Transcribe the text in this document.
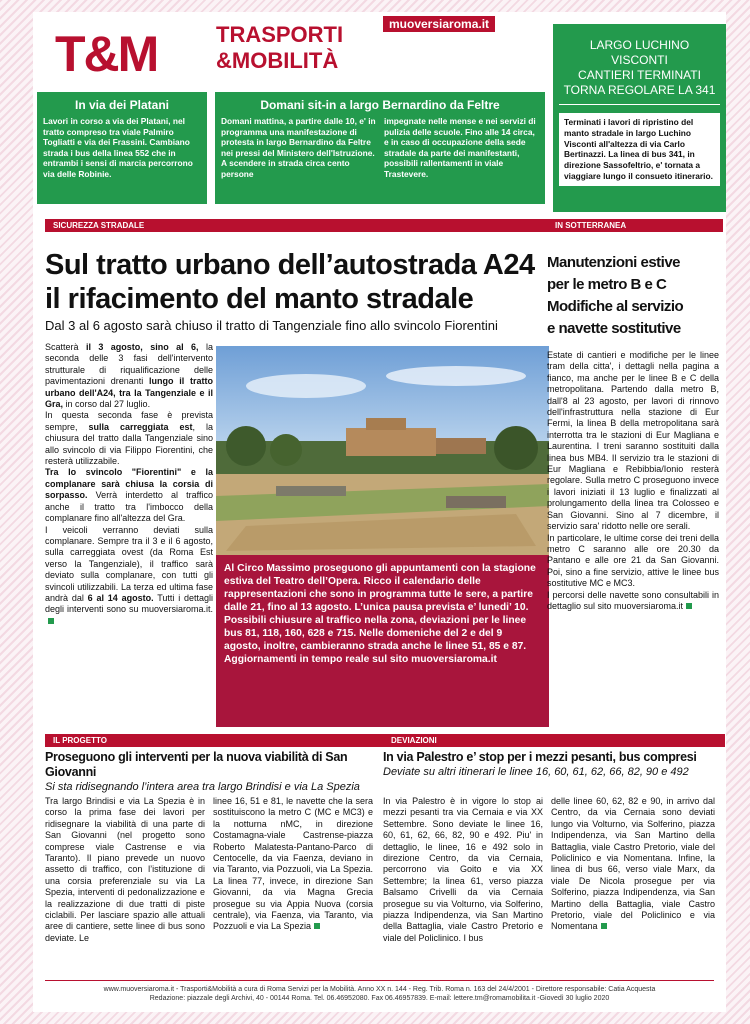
T&M	TRASPORTI
&MOBILITÀ
muoversiaroma.it
In via dei Platani

Lavori in corso a via dei Platani, nel tratto compreso tra viale Palmiro Togliatti e via dei Frassini. Cambiano strada i bus della linea 552 che in entrambi i sensi di marcia percorrono via delle Robinie.

Domani sit-in a largo Bernardino da Feltre

Domani mattina, a partire dalle 10, e' in programma una manifestazione di protesta in largo Bernardino da Feltre nei pressi del Ministero dell'Istruzione. A scendere in strada circa cento persone

impegnate nelle mense e nei servizi di pulizia delle scuole. Fino alle 14 circa, e in caso di occupazione della sede stradale da parte dei manifestanti, possibili rallentamenti in viale Trastevere.

LARGO LUCHINO VISCONTI
CANTIERI TERMINATI
TORNA REGOLARE LA 341

Terminati i lavori di ripristino del manto stradale in largo Luchino Visconti all'altezza di via Carlo Bertinazzi. La linea di bus 341, in direzione Sassofeltrio, e' tornata a viaggiare lungo il consueto itinerario.

SICUREZZA STRADALE	IN SOTTERRANEA
Sul tratto urbano dell’autostrada A24
il rifacimento del manto stradale
Dal 3 al 6 agosto sarà chiuso il tratto di Tangenziale fino allo svincolo Fiorentini

Scatterà il 3 agosto, sino al 6, la seconda delle 3 fasi dell'intervento strutturale di riqualificazione delle pavimentazioni drenanti lungo il tratto urbano dell'A24, tra la Tangenziale e il Gra, in corso dal 27 luglio.

In questa seconda fase è prevista sempre, sulla carreggiata est, la chiusura del tratto dalla Tangenziale sino allo svincolo di via Filippo Fiorentini, che resterà utilizzabile.

Tra lo svincolo "Fiorentini" e la complanare sarà chiusa la corsia di sorpasso. Verrà interdetto al traffico anche il tratto tra l'imbocco della complanare fino all'altezza del Gra.

I veicoli verranno deviati sulla complanare. Sempre tra il 3 e il 6 agosto, sulla carreggiata ovest (da Roma Est verso la Tangenziale), il traffico sarà deviato sulla complanare, con tutti gli svincoli utilizzabili. La terza ed ultima fase andrà dal 6 al 14 agosto. Tutti i dettagli degli interventi sono su muoversiaroma.it.

Al Circo Massimo proseguono gli appuntamenti con la stagione estiva del Teatro dell’Opera. Ricco il calendario delle rappresentazioni che sono in programma tutte le sere, a partire dalle 21, fino al 13 agosto. L’unica pausa prevista e’ lunedi’ 10. Possibili chiusure al traffico nella zona, deviazioni per le linee bus 81, 118, 160, 628 e 715. Nelle domeniche del 2 e del 9 agosto, inoltre, cambieranno strada anche le linee 51, 85 e 87. Aggiornamenti in tempo reale sul sito muoversiaroma.it
Manutenzioni estive
per le metro B e C
Modifiche al servizio
e navette sostitutive

Estate di cantieri e modifiche per le linee tram della citta', i dettagli nella pagina a fianco, ma anche per le linee B e C della metropolitana. Partendo dalla metro B, dall'8 al 23 agosto, per lavori di rinnovo dell'infrastruttura nella stazione di Eur Fermi, la linea B della metropolitana sarà interrotta tra le stazioni di Eur Magliana e Laurentina. I treni saranno sostituiti dalla linea bus MB4. Il servizio tra le stazioni di Eur Magliana e Rebibbia/Ionio resterà regolare. Sulla metro C proseguono invece i lavori iniziati il 13 luglio e finalizzati al prolungamento della linea tra Colosseo e San Giovanni. Sino al 7 dicembre, il servizio sara' ridotto nelle ore serali.

In particolare, le ultime corse dei treni della metro C saranno alle ore 20.30 da Pantano e alle ore 21 da San Giovanni. Poi, sino a fine servizio, attive le linee bus sostitutive MC e MC3.

I percorsi delle navette sono consultabili in dettaglio sul sito muoversiaroma.it

IL PROGETTO	DEVIAZIONI
Proseguono gli interventi per la nuova viabilità di San Giovanni
Si sta ridisegnando l’intera area tra largo Brindisi e via La Spezia

Tra largo Brindisi e via La Spezia è in corso la prima fase dei lavori per ridisegnare la viabilità di una parte di San Giovanni (nel progetto sono comprese viale Castrense e via Taranto). Il piano prevede un nuovo assetto di traffico, con l’istituzione di una corsia preferenziale su via La Spezia, interventi di pedonalizzazione e la realizzazione di due tratti di piste ciclabili. Per lasciare spazio alle attuali aree di cantiere, sette linee di bus sono deviate. Le

linee 16, 51 e 81, le navette che la sera sostituiscono la metro C (MC e MC3) e la notturna nMC, in direzione Costamagna-viale Castrense-piazza Roberto Malatesta-Pantano-Parco di Centocelle, da via Faenza, deviano in via Taranto, via Pozzuoli, via La Spezia. La linea 77, invece, in direzione San Giovanni, da via Magna Grecia prosegue su via Appia Nuova (corsia centrale), via Faenza, via Taranto, via Pozzuoli e via La Spezia

In via Palestro e’ stop per i mezzi pesanti, bus compresi
Deviate su altri itinerari le linee 16, 60, 61, 62, 66, 82, 90 e 492

In via Palestro è in vigore lo stop ai mezzi pesanti tra via Cernaia e via XX Settembre. Sono deviate le linee 16, 60, 61, 62, 66, 82, 90 e 492. Piu' in dettaglio, le linee, 16 e 492 solo in direzione Centro, da via Cernaia, percorrono via Goito e via XX Settembre; la linea 61, verso piazza Balsamo Crivelli da via Cernaia prosegue su via Volturno, via Solferino, piazza Indipendenza, via San Martino della Battaglia, viale Castro Pretorio e viale del Policlinico. I bus

delle linee 60, 62, 82 e 90, in arrivo dal Centro, da via Cernaia sono deviati lungo via Volturno, via Solferino, piazza Indipendenza, via San Martino della Battaglia, viale Castro Pretorio, viale del Policlinico e via Nomentana. Infine, la linea di bus 66, verso viale Marx, da viale De Nicola prosegue per via Solferino, piazza Indipendenza, via San Martino della Battaglia, viale Castro Pretorio, viale del Policlinico e via Nomentana

www.muoversiaroma.it - Trasporti&Mobilità a cura di Roma Servizi per la Mobilità. Anno XX n. 144 - Reg. Trib. Roma n. 163 del 24/4/2001 - Direttore responsabile: Catia Acquesta
Redazione: piazzale degli Archivi, 40 - 00144 Roma. Tel. 06.46952080. Fax 06.46957839. E-mail: lettere.tm@romamobilita.it -Giovedì 30 luglio 2020
